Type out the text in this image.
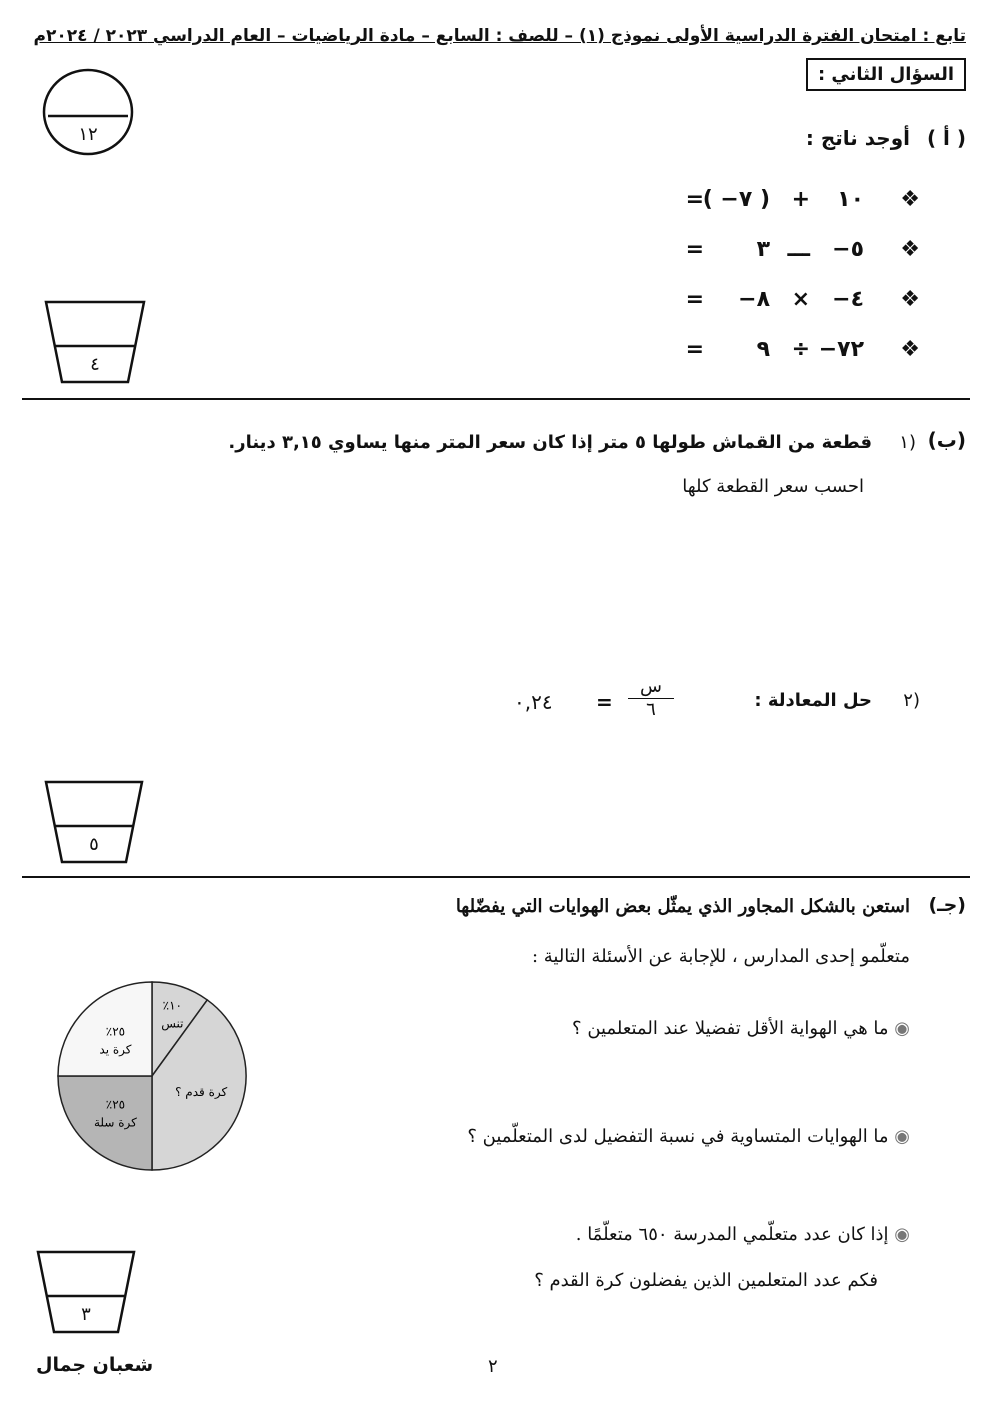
تابع : امتحان الفترة الدراسية الأولى نموذج (١) – للصف : السابع – مادة الرياضيات – العام الدراسي ٢٠٢٣ / ٢٠٢٤م
السؤال الثاني :
١٢	( أ )
أوجد ناتج :
❖
١٠
+
( −٧ )
=
❖
−٥
ـــ
٣
=
❖
−٤
×
−٨
=
❖
−٧٢
÷
٩
=
٤
(ب)
١)
قطعة من القماش طولها ٥ متر إذا كان سعر المتر منها يساوي ٣,١٥ دينار.
احسب سعر القطعة كلها
٢)
حل المعادلة :
٠,٢٤ =
س
٦
٥
(جـ)
استعن بالشكل المجاور الذي يمثّل بعض الهوايات التي يفضّلها
متعلّمو إحدى المدارس ، للإجابة عن الأسئلة التالية :
◉ ما هي الهواية الأقل تفضيلا عند المتعلمين ؟
◉ ما الهوايات المتساوية في نسبة التفضيل لدى المتعلّمين ؟
◉ إذا كان عدد متعلّمي المدرسة ٦٥٠ متعلّمًا .
فكم عدد المتعلمين الذين يفضلون كرة القدم ؟
٪١٠
تنس
كرة قدم ؟
٪٢٥
كرة سلة
٪٢٥
كرة يد
٣
٢
شعبان جمال
